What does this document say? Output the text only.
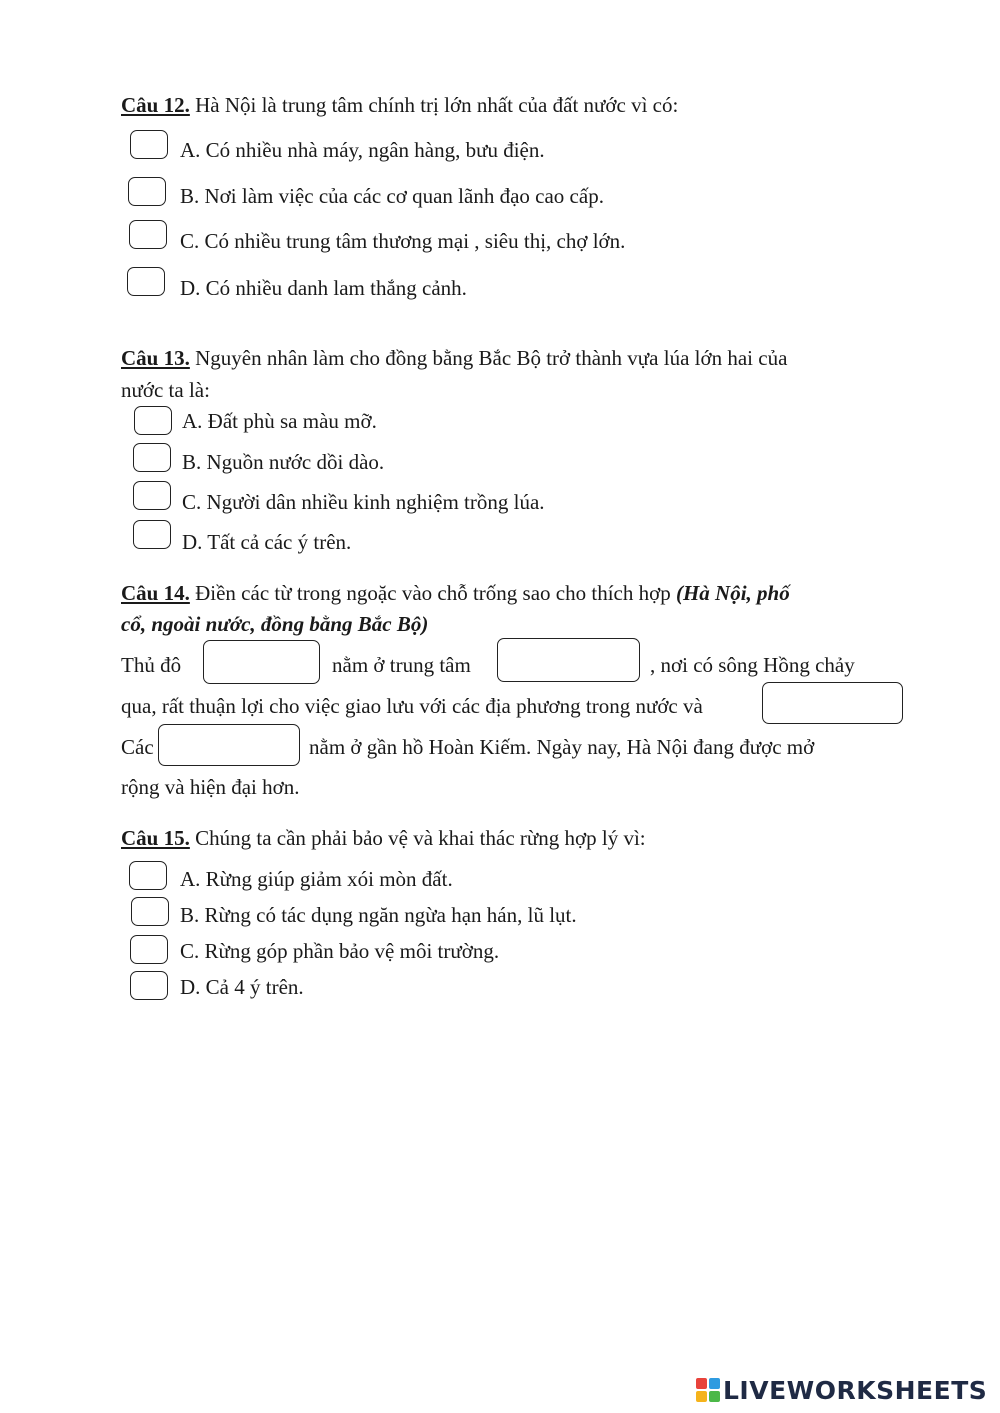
Câu 12. Hà Nội là trung tâm chính trị lớn nhất của đất nước vì có:
A. Có nhiều nhà máy, ngân hàng, bưu điện.
B. Nơi làm việc của các cơ quan lãnh đạo cao cấp.
C. Có nhiều trung tâm thương mại , siêu thị, chợ lớn.
D. Có nhiều danh lam thắng cảnh.
Câu 13. Nguyên nhân làm cho đồng bằng Bắc Bộ trở thành vựa lúa lớn hai của
nước ta là:
A. Đất phù sa màu mỡ.
B. Nguồn nước dồi dào.
C. Người dân nhiều kinh nghiệm trồng lúa.
D. Tất cả các ý trên.
Câu 14. Điền các từ trong ngoặc vào chỗ trống sao cho thích hợp (Hà Nội, phố
cổ, ngoài nước, đồng bằng Bắc Bộ)
Thủ đô	nằm ở trung tâm	, nơi có sông Hồng chảy
qua, rất thuận lợi cho việc giao lưu với các địa phương trong nước và
Các	nằm ở gần hồ Hoàn Kiếm. Ngày nay, Hà Nội đang được mở
rộng và hiện đại hơn.
Câu 15. Chúng ta cần phải bảo vệ và khai thác rừng hợp lý vì:
A. Rừng giúp giảm xói mòn đất.
B. Rừng có tác dụng ngăn ngừa hạn hán, lũ lụt.
C. Rừng góp phần bảo vệ môi trường.
D. Cả 4 ý trên.
LIVEWORKSHEETS
